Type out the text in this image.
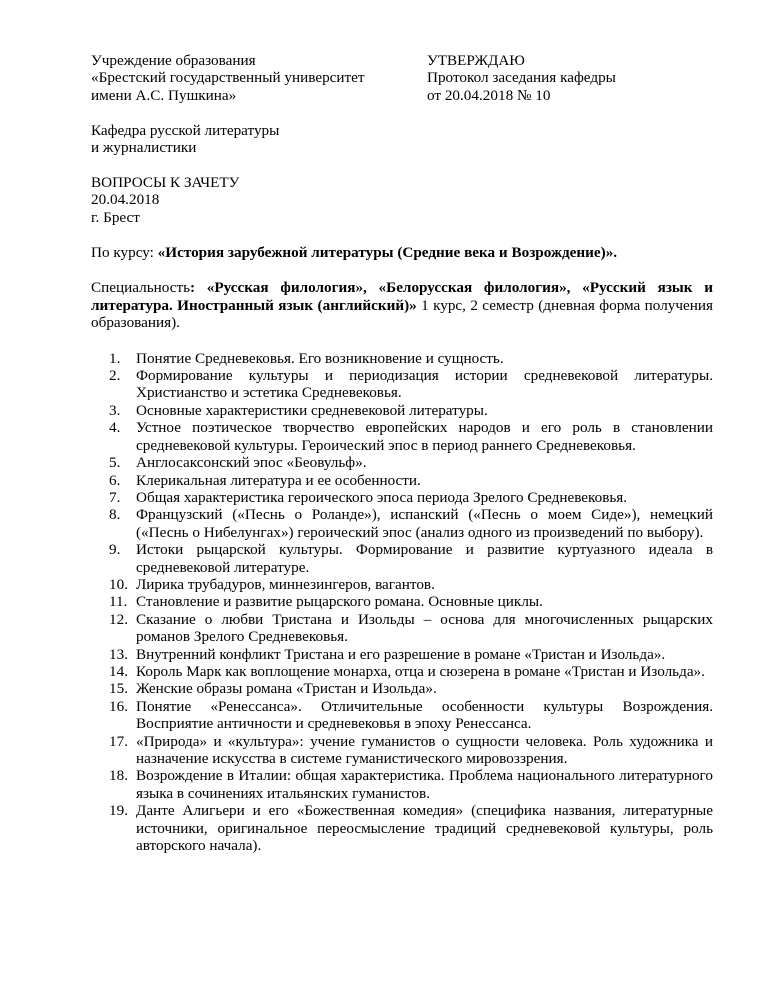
Учреждение образования
«Брестский государственный университет
имени А.С. Пушкина»
УТВЕРЖДАЮ
Протокол заседания кафедры
от 20.04.2018 № 10
Кафедра русской литературы
и журналистики
ВОПРОСЫ К ЗАЧЕТУ
20.04.2018
г. Брест
По курсу: «История зарубежной литературы (Средние века и Возрождение)».
Специальность: «Русская филология», «Белорусская филология», «Русский язык и литература. Иностранный язык (английский)» 1 курс, 2 семестр (дневная форма получения образования).
1.	Понятие Средневековья. Его возникновение и сущность.
2.	Формирование культуры и периодизация истории средневековой литературы. Христианство и эстетика Средневековья.
3.	Основные характеристики средневековой литературы.
4.	Устное поэтическое творчество европейских народов и его роль в становлении средневековой культуры. Героический эпос в период раннего Средневековья.
5.	Англосаксонский эпос «Беовульф».
6.	Клерикальная литература и ее особенности.
7.	Общая характеристика героического эпоса периода Зрелого Средневековья.
8.	Французский («Песнь о Роланде»), испанский («Песнь о моем Сиде»), немецкий («Песнь о Нибелунгах») героический эпос (анализ одного из произведений по выбору).
9.	Истоки рыцарской культуры. Формирование и развитие куртуазного идеала в средневековой литературе.
10. Лирика трубадуров, миннезингеров, вагантов.
11. Становление и развитие рыцарского романа. Основные циклы.
12. Сказание о любви Тристана и Изольды – основа для многочисленных рыцарских романов Зрелого Средневековья.
13. Внутренний конфликт Тристана и его разрешение в романе «Тристан и Изольда».
14. Король Марк как воплощение монарха, отца и сюзерена в романе «Тристан и Изольда».
15. Женские образы романа «Тристан и Изольда».
16. Понятие «Ренессанса». Отличительные особенности культуры Возрождения. Восприятие античности и средневековья в эпоху Ренессанса.
17. «Природа» и «культура»: учение гуманистов о сущности человека. Роль художника и назначение искусства в системе гуманистического мировоззрения.
18. Возрождение в Италии: общая характеристика. Проблема национального литературного языка в сочинениях итальянских гуманистов.
19. Данте Алигьери и его «Божественная комедия» (специфика названия, литературные источники, оригинальное переосмысление традиций средневековой культуры, роль авторского начала).
